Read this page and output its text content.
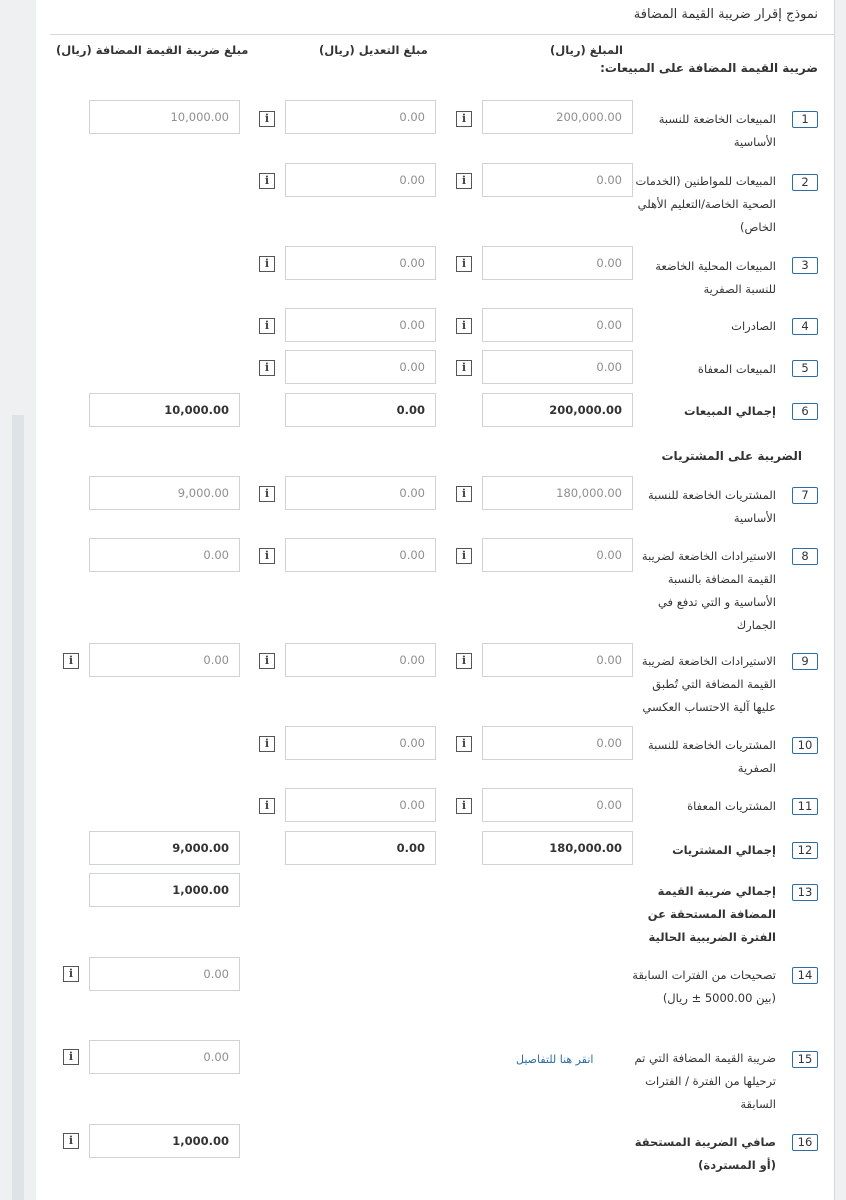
نموذج إقرار ضريبة القيمة المضافة
المبلغ (ريال)
مبلغ التعديل (ريال)
مبلغ ضريبة القيمة المضافة (ريال)
ضريبة القيمة المضافة على المبيعات:
الضريبة على المشتريات
1
المبيعات الخاضعة للنسبة الأساسية
200,000.00
i
0.00
i
10,000.00
2
المبيعات للمواطنين (الخدمات الصحية الخاصة/التعليم الأهلي الخاص)
0.00
i
0.00
i
3
المبيعات المحلية الخاضعة للنسبة الصفرية
0.00
i
0.00
i
4
الصادرات
0.00
i
0.00
i
5
المبيعات المعفاة
0.00
i
0.00
i
6
إجمالي المبيعات
200,000.00
0.00
10,000.00
7
المشتريات الخاضعة للنسبة الأساسية
180,000.00
i
0.00
i
9,000.00
8
الاستيرادات الخاضعة لضريبة القيمة المضافة بالنسبة الأساسية و التي تدفع في الجمارك
0.00
i
0.00
i
0.00
9
الاستيرادات الخاضعة لضريبة القيمة المضافة التي تُطبق عليها آلية الاحتساب العكسي
0.00
i
0.00
i
0.00
i
10
المشتريات الخاضعة للنسبة الصفرية
0.00
i
0.00
i
11
المشتريات المعفاة
0.00
i
0.00
i
12
إجمالي المشتريات
180,000.00
0.00
9,000.00
13
إجمالي ضريبة القيمة المضافة المستحقة عن الفترة الضريبية الحالية
1,000.00
14
تصحيحات من الفترات السابقة (بين 5000.00 ± ريال)
0.00
i
15
ضريبة القيمة المضافة التي تم ترحيلها من الفترة / الفترات السابقة
انقر هنا للتفاصيل
0.00
i
16
صافي الضريبة المستحقة (أو المستردة)
1,000.00
i
